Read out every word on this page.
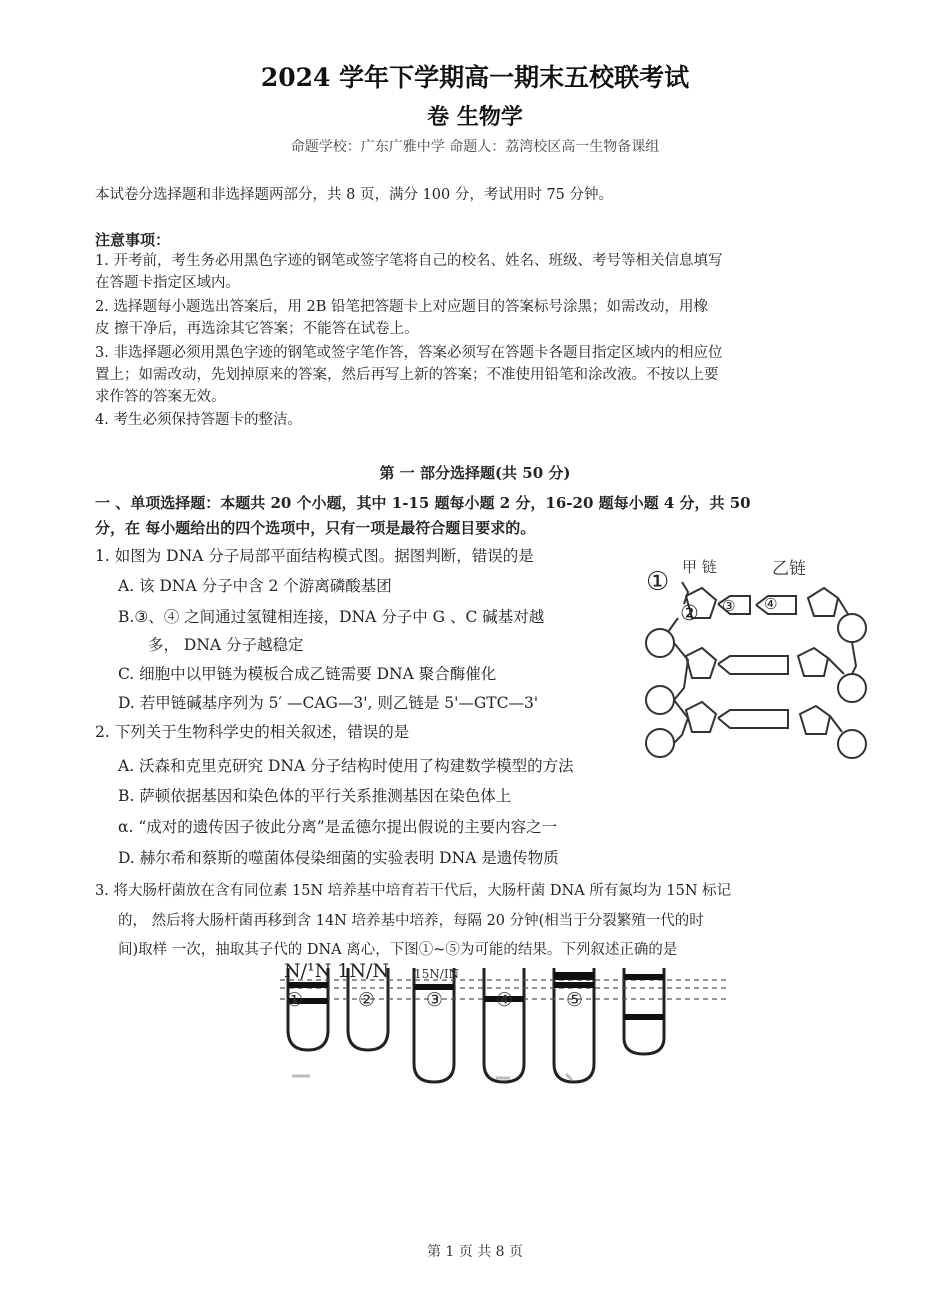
2024 学年下学期高一期末五校联考试
卷 生物学
命题学校：广东广雅中学 命题人：荔湾校区高一生物备课组
本试卷分选择题和非选择题两部分，共 8 页，满分 100 分，考试用时 75 分钟。
注意事项：
1. 开考前，考生务必用黑色字迹的钢笔或签字笔将自己的校名、姓名、班级、考号等相关信息填写
在答题卡指定区域内。
2. 选择题每小题选出答案后，用 2B 铅笔把答题卡上对应题目的答案标号涂黑；如需改动，用橡
皮 擦干净后，再选涂其它答案；不能答在试卷上。
3. 非选择题必须用黑色字迹的钢笔或签字笔作答，答案必须写在答题卡各题目指定区域内的相应位
置上；如需改动，先划掉原来的答案，然后再写上新的答案；不准使用铅笔和涂改液。不按以上要
求作答的答案无效。
4. 考生必须保持答题卡的整洁。
第 一 部分选择题(共 50 分)
一 、单项选择题：本题共 20 个小题，其中 1-15 题每小题 2 分，16-20 题每小题 4 分，共 50
分，在 每小题给出的四个选项中，只有一项是最符合题目要求的。
1. 如图为 DNA 分子局部平面结构模式图。据图判断，错误的是
A. 该 DNA 分子中含 2 个游离磷酸基团
B.③、④ 之间通过氢键相连接，DNA 分子中 G 、C 碱基对越
多， DNA 分子越稳定
C. 细胞中以甲链为模板合成乙链需要 DNA 聚合酶催化
D. 若甲链碱基序列为 5′ —CAG—3', 则乙链是 5'—GTC—3'
① 甲 链	乙链
② ③ ④
2. 下列关于生物科学史的相关叙述，错误的是
A. 沃森和克里克研究 DNA 分子结构时使用了构建数学模型的方法
B. 萨顿依据基因和染色体的平行关系推测基因在染色体上
α. “成对的遗传因子彼此分离”是孟德尔提出假说的主要内容之一
D. 赫尔希和蔡斯的噬菌体侵染细菌的实验表明 DNA 是遗传物质
3. 将大肠杆菌放在含有同位素 15N 培养基中培育若干代后，大肠杆菌 DNA 所有氮均为 15N 标记
的， 然后将大肠杆菌再移到含 14N 培养基中培养，每隔 20 分钟(相当于分裂繁殖一代的时
间)取样 一次，抽取其子代的 DNA 离心，下图①~⑤为可能的结果。下列叙述正确的是
N/¹N 1N/N 15N/IN
①	②	③	④	⑤
第 1 页 共 8 页
